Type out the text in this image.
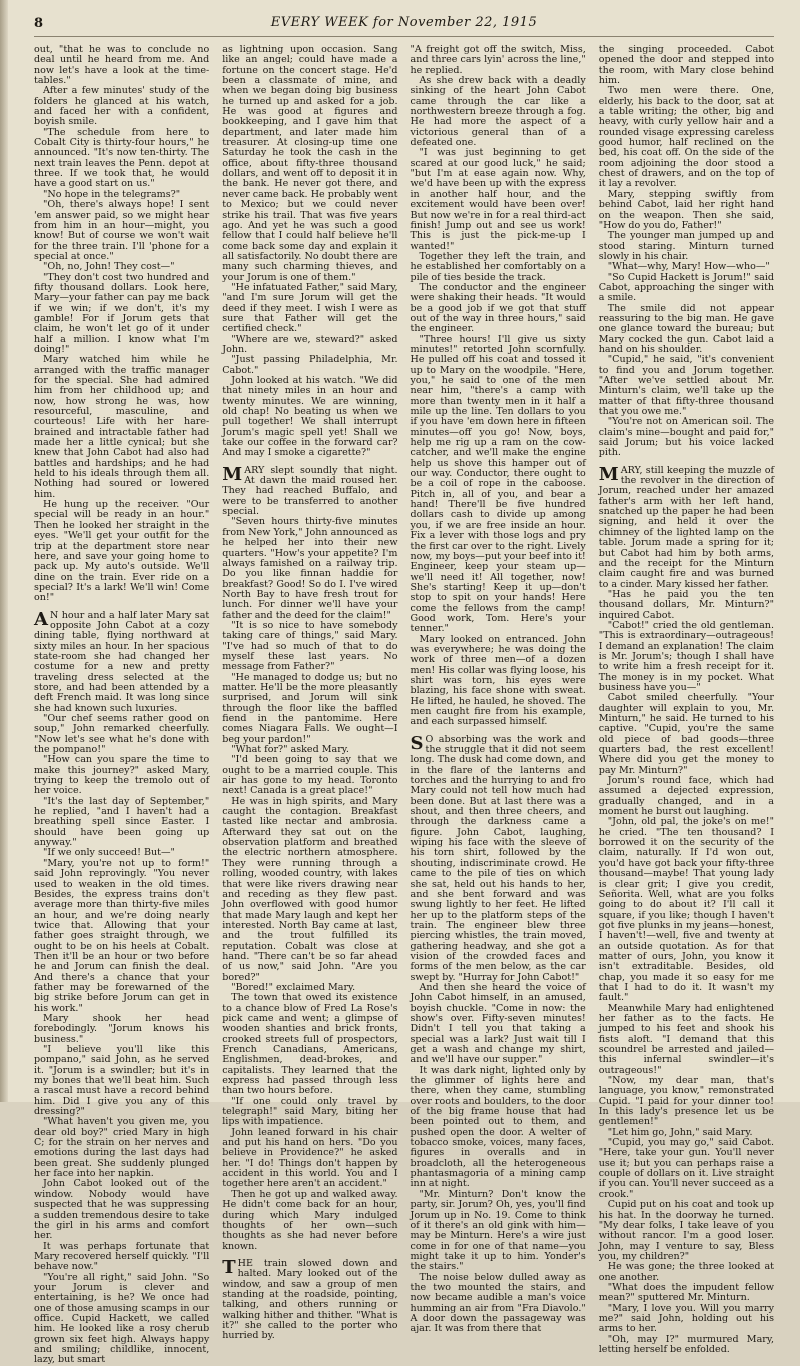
8	EVERY WEEK for November 22, 1915

out, "that he was to conclude no deal until he heard from me. And now let's have a look at the time-tables."

After a few minutes' study of the folders he glanced at his watch, and faced her with a confident, boyish smile.

"The schedule from here to Cobalt City is thirty-four hours," he announced. "It's now ten-thirty. The next train leaves the Penn. depot at three. If we took that, he would have a good start on us."

"No hope in the telegrams?"

"Oh, there's always hope! I sent 'em answer paid, so we might hear from him in an hour—might, you know! But of course we won't wait for the three train. I'll 'phone for a special at once."

"Oh, no, John! They cost—"

"They don't cost two hundred and fifty thousand dollars. Look here, Mary—your father can pay me back if we win; if we don't, it's my gamble! For if Jorum gets that claim, he won't let go of it under half a million. I know what I'm doing!"

Mary watched him while he arranged with the traffic manager for the special. She had admired him from her childhood up; and now, how strong he was, how resourceful, masculine, and courteous! Life with her hare-brained and intractable father had made her a little cynical; but she knew that John Cabot had also had battles and hardships; and he had held to his ideals through them all. Nothing had soured or lowered him.

He hung up the receiver. "Our special will be ready in an hour." Then he looked her straight in the eyes. "We'll get your outfit for the trip at the department store near here, and save your going home to pack up. My auto's outside. We'll dine on the train. Ever ride on a special? It's a lark! We'll win! Come on!"

AN hour and a half later Mary sat opposite John Cabot at a cozy dining table, flying northward at sixty miles an hour. In her spacious state-room she had changed her costume for a new and pretty traveling dress selected at the store, and had been attended by a deft French maid. It was long since she had known such luxuries.

"Our chef seems rather good on soup," John remarked cheerfully. "Now let's see what he's done with the pompano!"

"How can you spare the time to make this journey?" asked Mary, trying to keep the tremolo out of her voice.

"It's the last day of September," he replied, "and I haven't had a breathing spell since Easter. I should have been going up anyway."

"If we only succeed! But—"

"Mary, you're not up to form!" said John reprovingly. "You never used to weaken in the old times. Besides, the express trains don't average more than thirty-five miles an hour, and we're doing nearly twice that. Allowing that your father goes straight through, we ought to be on his heels at Cobalt. Then it'll be an hour or two before he and Jorum can finish the deal. And there's a chance that your father may be forewarned of the big strike before Jorum can get in his work."

Mary shook her head forebodingly. "Jorum knows his business."

"I believe you'll like this pompano," said John, as he served it. "Jorum is a swindler; but it's in my bones that we'll beat him. Such a rascal must have a record behind him. Did I give you any of this dressing?"

"What haven't you given me, you dear old boy?" cried Mary in high C; for the strain on her nerves and emotions during the last days had been great. She suddenly plunged her face into her napkin.

John Cabot looked out of the window. Nobody would have suspected that he was suppressing a sudden tremendous desire to take the girl in his arms and comfort her.

It was perhaps fortunate that Mary recovered herself quickly. "I'll behave now."

"You're all right," said John. "So your Jorum is clever and entertaining, is he? We once had one of those amusing scamps in our office. Cupid Hackett, we called him. He looked like a rosy cherub grown six feet high. Always happy and smiling; childlike, innocent, lazy, but smart

as lightning upon occasion. Sang like an angel; could have made a fortune on the concert stage. He'd been a classmate of mine, and when we began doing big business he turned up and asked for a job. He was good at figures and bookkeeping, and I gave him that department, and later made him treasurer. At closing-up time one Saturday he took the cash in the office, about fifty-three thousand dollars, and went off to deposit it in the bank. He never got there, and never came back. He probably went to Mexico; but we could never strike his trail. That was five years ago. And yet he was such a good fellow that I could half believe he'll come back some day and explain it all satisfactorily. No doubt there are many such charming thieves, and your Jorum is one of them."

"He infatuated Father," said Mary, "and I'm sure Jorum will get the deed if they meet. I wish I were as sure that Father will get the certified check."

"Where are we, steward?" asked John.

"Just passing Philadelphia, Mr. Cabot."

John looked at his watch. "We did that ninety miles in an hour and twenty minutes. We are winning, old chap! No beating us when we pull together! We shall interrupt Jorum's magic spell yet! Shall we take our coffee in the forward car? And may I smoke a cigarette?"

MARY slept soundly that night. At dawn the maid roused her. They had reached Buffalo, and were to be transferred to another special.

"Seven hours thirty-five minutes from New York," John announced as he helped her into their new quarters. "How's your appetite? I'm always famished on a railway trip. Do you like finnan haddie for breakfast? Good! So do I. I've wired North Bay to have fresh trout for lunch. For dinner we'll have your father and the deed for the claim!"

"It is so nice to have somebody taking care of things," said Mary. "I've had so much of that to do myself these last years. No message from Father?"

"He managed to dodge us; but no matter. He'll be the more pleasantly surprised, and Jorum will sink through the floor like the baffled fiend in the pantomime. Here comes Niagara Falls. We ought—I beg your pardon!"

"What for?" asked Mary.

"I'd been going to say that we ought to be a married couple. This air has gone to my head. Toronto next! Canada is a great place!"

He was in high spirits, and Mary caught the contagion. Breakfast tasted like nectar and ambrosia. Afterward they sat out on the observation platform and breathed the electric northern atmosphere. They were running through a rolling, wooded country, with lakes that were like rivers drawing near and receding as they flew past. John overflowed with good humor that made Mary laugh and kept her interested. North Bay came at last, and the trout fulfilled its reputation. Cobalt was close at hand. "There can't be so far ahead of us now," said John. "Are you bored?"

"Bored!" exclaimed Mary.

The town that owed its existence to a chance blow of Fred La Rose's pick came and went; a glimpse of wooden shanties and brick fronts, crooked streets full of prospectors, French Canadians, Americans, Englishmen, dead-brokes, and capitalists. They learned that the express had passed through less than two hours before.

"If one could only travel by telegraph!" said Mary, biting her lips with impatience.

John leaned forward in his chair and put his hand on hers. "Do you believe in Providence?" he asked her. "I do! Things don't happen by accident in this world. You and I together here aren't an accident."

Then he got up and walked away. He didn't come back for an hour, during which Mary indulged thoughts of her own—such thoughts as she had never before known.

THE train slowed down and halted. Mary looked out of the window, and saw a group of men standing at the roadside, pointing, talking, and others running or walking hither and thither. "What is it?" she called to the porter who hurried by.

"A freight got off the switch, Miss, and three cars lyin' across the line," he replied.

As she drew back with a deadly sinking of the heart John Cabot came through the car like a northwestern breeze through a fog. He had more the aspect of a victorious general than of a defeated one.

"I was just beginning to get scared at our good luck," he said; "but I'm at ease again now. Why, we'd have been up with the express in another half hour, and the excitement would have been over! But now we're in for a real third-act finish! Jump out and see us work! This is just the pick-me-up I wanted!"

Together they left the train, and he established her comfortably on a pile of ties beside the track.

The conductor and the engineer were shaking their heads. "It would be a good job if we got that stuff out of the way in three hours," said the engineer.

"Three hours! I'll give us sixty minutes!" retorted John scornfully. He pulled off his coat and tossed it up to Mary on the woodpile. "Here, you," he said to one of the men near him, "there's a camp with more than twenty men in it half a mile up the line. Ten dollars to you if you have 'em down here in fifteen minutes—off you go! Now, boys, help me rig up a ram on the cow-catcher, and we'll make the engine help us shove this hamper out of our way. Conductor, there ought to be a coil of rope in the caboose. Pitch in, all of you, and bear a hand! There'll be five hundred dollars cash to divide up among you, if we are free inside an hour. Fix a lever with those logs and pry the first car over to the right. Lively now, my boys—put your beef into it! Engineer, keep your steam up—we'll need it! All together, now! She's starting! Keep it up—don't stop to spit on your hands! Here come the fellows from the camp! Good work, Tom. Here's your tenner."

Mary looked on entranced. John was everywhere; he was doing the work of three men—of a dozen men! His collar was flying loose, his shirt was torn, his eyes were blazing, his face shone with sweat. He lifted, he hauled, he shoved. The men caught fire from his example, and each surpassed himself.

SO absorbing was the work and the struggle that it did not seem long. The dusk had come down, and in the flare of the lanterns and torches and the hurrying to and fro Mary could not tell how much had been done. But at last there was a shout, and then three cheers, and through the darkness came a figure. John Cabot, laughing, wiping his face with the sleeve of his torn shirt, followed by the shouting, indiscriminate crowd. He came to the pile of ties on which she sat, held out his hands to her, and she bent forward and was swung lightly to her feet. He lifted her up to the platform steps of the train. The engineer blew three piercing whistles, the train moved, gathering headway, and she got a vision of the crowded faces and forms of the men below, as the car swept by. "Hurray for John Cabot!"

And then she heard the voice of John Cabot himself, in an amused, boyish chuckle. "Come in now: the show's over. Fifty-seven minutes! Didn't I tell you that taking a special was a lark? Just wait till I get a wash and change my shirt, and we'll have our supper."

It was dark night, lighted only by the glimmer of lights here and there, when they came, stumbling over roots and boulders, to the door of the big frame house that had been pointed out to them, and pushed open the door. A welter of tobacco smoke, voices, many faces, figures in overalls and in broadcloth, all the heterogeneous phantasmagoria of a mining camp inn at night.

"Mr. Minturn? Don't know the party, sir. Jorum? Oh, yes, you'll find Jorum up in No. 19. Come to think of it there's an old gink with him—may be Minturn. Here's a wire just come in for one of that name—you might take it up to him. Yonder's the stairs."

The noise below dulled away as the two mounted the stairs, and now became audible a man's voice humming an air from "Fra Diavolo." A door down the passageway was ajar. It was from there that

the singing proceeded. Cabot opened the door and stepped into the room, with Mary close behind him.

Two men were there. One, elderly, his back to the door, sat at a table writing; the other, big and heavy, with curly yellow hair and a rounded visage expressing careless good humor, half reclined on the bed, his coat off. On the side of the room adjoining the door stood a chest of drawers, and on the top of it lay a revolver.

Mary, stepping swiftly from behind Cabot, laid her right hand on the weapon. Then she said, "How do you do, Father!"

The younger man jumped up and stood staring. Minturn turned slowly in his chair.

"What—why, Mary! How—who—"

"So Cupid Hackett is Jorum!" said Cabot, approaching the singer with a smile.

The smile did not appear reassuring to the big man. He gave one glance toward the bureau; but Mary cocked the gun. Cabot laid a hand on his shoulder.

"Cupid," he said, "it's convenient to find you and Jorum together. "After we've settled about Mr. Minturn's claim, we'll take up the matter of that fifty-three thousand that you owe me."

"You're not on American soil. The claim's mine—bought and paid for," said Jorum; but his voice lacked pith.

MARY, still keeping the muzzle of the revolver in the direction of Jorum, reached under her amazed father's arm with her left hand, snatched up the paper he had been signing, and held it over the chimney of the lighted lamp on the table. Jorum made a spring for it; but Cabot had him by both arms, and the receipt for the Minturn claim caught fire and was burned to a cinder. Mary kissed her father.

"Has he paid you the ten thousand dollars, Mr. Minturn?" inquired Cabot.

"Cabot!" cried the old gentleman. "This is extraordinary—outrageous! I demand an explanation! The claim is Mr. Jorum's; though I shall have to write him a fresh receipt for it. The money is in my pocket. What business have you—"

Cabot smiled cheerfully. "Your daughter will explain to you, Mr. Minturn," he said. He turned to his captive. "Cupid, you're the same old piece of bad goods—three quarters bad, the rest excellent! Where did you get the money to pay Mr. Minturn?"

Jorum's round face, which had assumed a dejected expression, gradually changed, and in a moment he burst out laughing.

"John, old pal, the joke's on me!" he cried. "The ten thousand? I borrowed it on the security of the claim, naturally. If I'd won out, you'd have got back your fifty-three thousand—maybe! That young lady is clear grit; I give you credit, Señorita. Well, what are you folks going to do about it? I'll call it square, if you like; though I haven't got five plunks in my jeans—honest, I haven't!—well, five and twenty at an outside quotation. As for that matter of ours, John, you know it isn't extraditable. Besides, old chap, you made it so easy for me that I had to do it. It wasn't my fault."

Meanwhile Mary had enlightened her father as to the facts. He jumped to his feet and shook his fists aloft. "I demand that this scoundrel be arrested and jailed—this infernal swindler—it's outrageous!"

"Now, my dear man, that's language, you know," remonstrated Cupid. "I paid for your dinner too! In this lady's presence let us be gentlemen!"

"Let him go, John," said Mary.

"Cupid, you may go," said Cabot. "Here, take your gun. You'll never use it; but you can perhaps raise a couple of dollars on it. Live straight if you can. You'll never succeed as a crook."

Cupid put on his coat and took up his hat. In the doorway he turned. "My dear folks, I take leave of you without rancor. I'm a good loser. John, may I venture to say, Bless you, my children?"

He was gone; the three looked at one another.

"What does the impudent fellow mean?" sputtered Mr. Minturn.

"Mary, I love you. Will you marry me?" said John, holding out his arms to her.

"Oh, may I?" murmured Mary, letting herself be enfolded.
